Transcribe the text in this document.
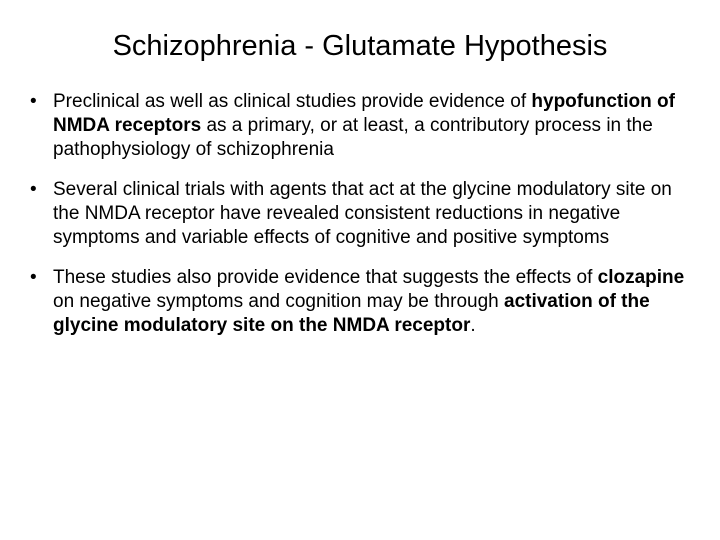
Schizophrenia - Glutamate Hypothesis
• Preclinical as well as clinical studies provide evidence of hypofunction of NMDA receptors as a primary, or at least, a contributory process in the pathophysiology of schizophrenia
• Several clinical trials with agents that act at the glycine modulatory site on the NMDA receptor have revealed consistent reductions in negative symptoms and variable effects of cognitive and positive symptoms
• These studies also provide evidence that suggests the effects of clozapine on negative symptoms and cognition may be through activation of the glycine modulatory site on the NMDA receptor.
